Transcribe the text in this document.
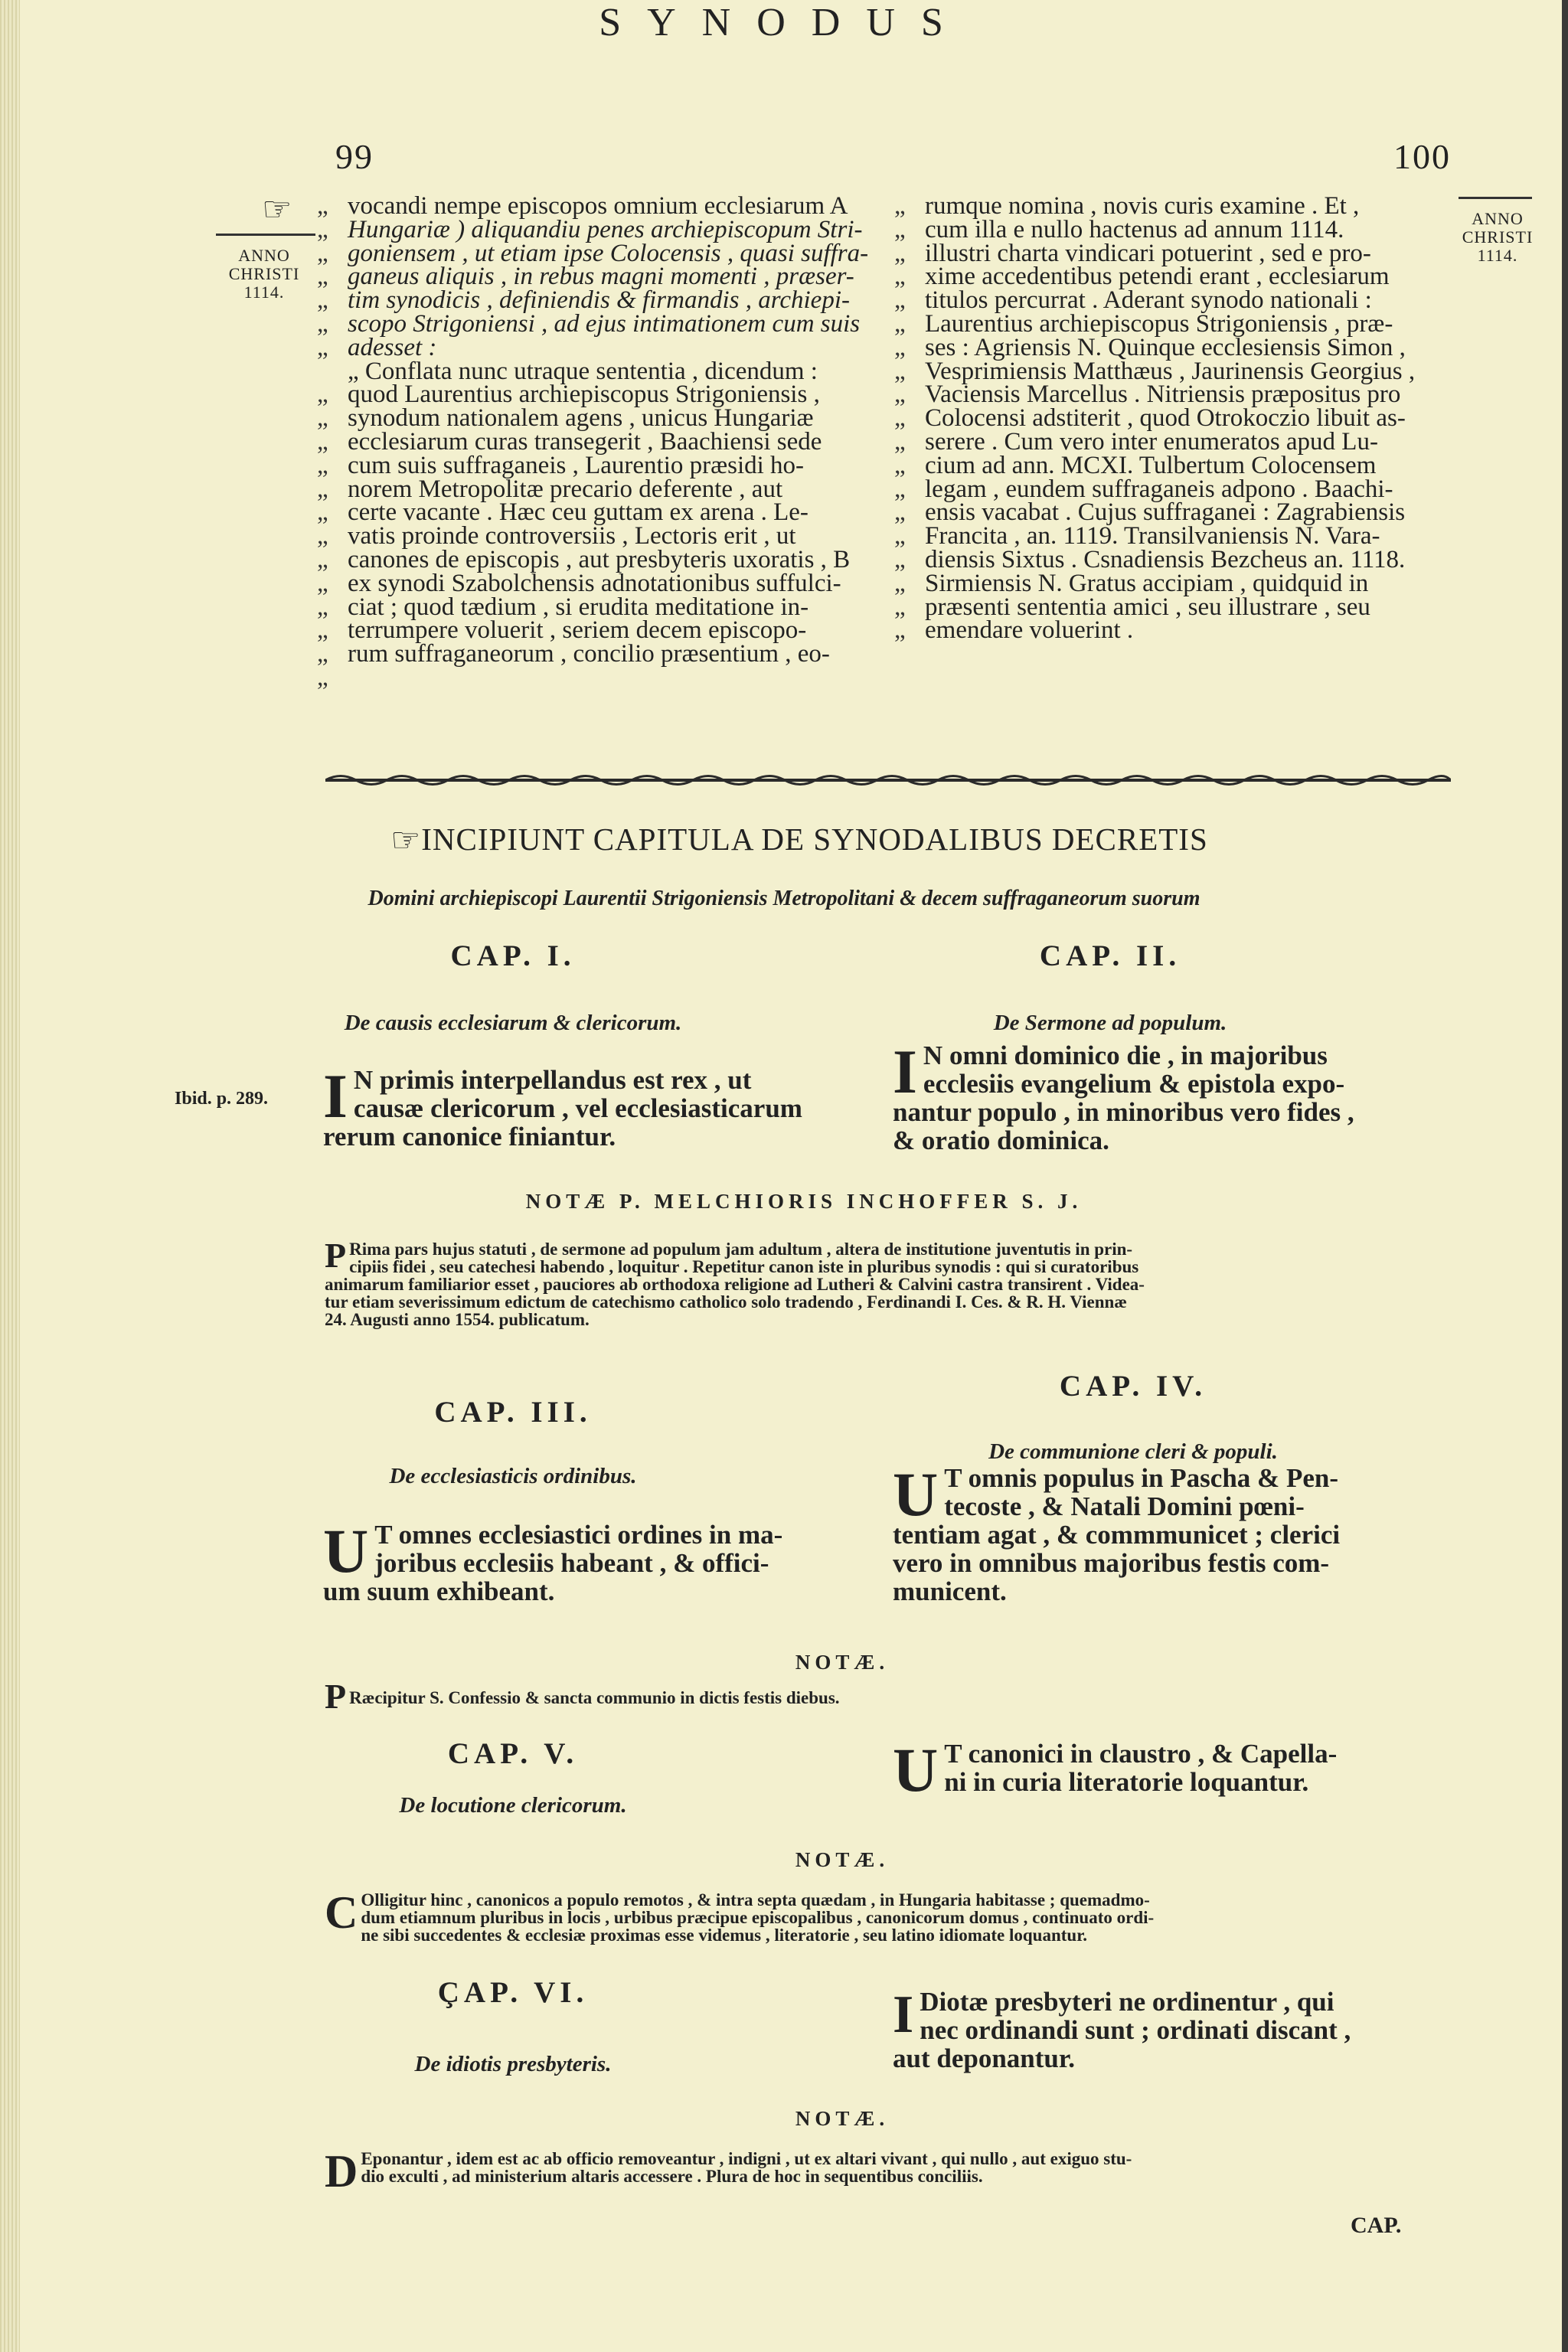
99
SYNODUS
100
☞
ANNO
CHRISTI
1114.
ANNO
CHRISTI
1114.
„
„
„
„
„
„
„

„
„
„
„
„
„
„
„
„
„
„
„
„

vocandi nempe episcopos omnium ecclesiarum A

Hungariæ ) aliquandiu penes archiepiscopum Stri-

goniensem , ut etiam ipse Colocensis , quasi suffra-

ganeus aliquis , in rebus magni momenti , præser-

tim synodicis , definiendis & firmandis , archiepi-

scopo Strigoniensi , ad ejus intimationem cum suis

adesset :

„ Conflata nunc utraque sententia , dicendum :

quod Laurentius archiepiscopus Strigoniensis ,

synodum nationalem agens , unicus Hungariæ

ecclesiarum curas transegerit , Baachiensi sede

cum suis suffraganeis , Laurentio præsidi ho-

norem Metropolitæ precario deferente , aut

certe vacante . Hæc ceu guttam ex arena . Le-

vatis proinde controversiis , Lectoris erit , ut

canones de episcopis , aut presbyteris uxoratis , B

ex synodi Szabolchensis adnotationibus suffulci-

ciat ; quod tædium , si erudita meditatione in-

terrumpere voluerit , seriem decem episcopo-

rum suffraganeorum , concilio præsentium , eo-

„
„
„
„
„
„
„
„
„
„
„
„
„
„
„
„
„
„
„

rumque nomina , novis curis examine . Et ,

cum illa e nullo hactenus ad annum 1114.

illustri charta vindicari potuerint , sed e pro-

xime accedentibus petendi erant , ecclesiarum

titulos percurrat . Aderant synodo nationali :

Laurentius archiepiscopus Strigoniensis , præ-

ses : Agriensis N. Quinque ecclesiensis Simon ,

Vesprimiensis Matthæus , Jaurinensis Georgius ,

Vaciensis Marcellus . Nitriensis præpositus pro

Colocensi adstiterit , quod Otrokoczio libuit as-

serere . Cum vero inter enumeratos apud Lu-

cium ad ann. MCXI. Tulbertum Colocensem

legam , eundem suffraganeis adpono . Baachi-

ensis vacabat . Cujus suffraganei : Zagrabiensis

Francita , an. 1119. Transilvaniensis N. Vara-

diensis Sixtus . Csnadiensis Bezcheus an. 1118.

Sirmiensis N. Gratus accipiam , quidquid in

præsenti sententia amici , seu illustrare , seu

emendare voluerint .

☞ INCIPIUNT CAPITULA DE SYNODALIBUS DECRETIS
Domini archiepiscopi Laurentii Strigoniensis Metropolitani & decem suffraganeorum suorum
CAP. I.
De causis ecclesiarum & clericorum.
Ibid. p. 289. I N primis interpellandus est rex , ut

causæ clericorum , vel ecclesiasticarum

rerum canonice finiantur.

CAP. II.
De Sermone ad populum.
I N omni dominico die , in majoribus

ecclesiis evangelium & epistola expo-

nantur populo , in minoribus vero fides ,

& oratio dominica.

NOTÆ P. MELCHIORIS INCHOFFER S. J.
P Rima pars hujus statuti , de sermone ad populum jam adultum , altera de institutione juventutis in prin-

cipiis fidei , seu catechesi habendo , loquitur . Repetitur canon iste in pluribus synodis : qui si curatoribus

animarum familiarior esset , pauciores ab orthodoxa religione ad Lutheri & Calvini castra transirent . Videa-

tur etiam severissimum edictum de catechismo catholico solo tradendo , Ferdinandi I. Ces. & R. H. Viennæ

24. Augusti anno 1554. publicatum.

CAP. III.
De ecclesiasticis ordinibus.
U T omnes ecclesiastici ordines in ma-

joribus ecclesiis habeant , & offici-

um suum exhibeant.

CAP. IV.
De communione cleri & populi.
U T omnis populus in Pascha & Pen-

tecoste , & Natali Domini pœni-

tentiam agat , & commmunicet ; clerici

vero in omnibus majoribus festis com-

municent.

NOTÆ.
P Ræcipitur S. Confessio & sancta communio in dictis festis diebus.
CAP. V.
De locutione clericorum.
U T canonici in claustro , & Capella-

ni in curia literatorie loquantur.

NOTÆ.
C Olligitur hinc , canonicos a populo remotos , & intra septa quædam , in Hungaria habitasse ; quemadmo-

dum etiamnum pluribus in locis , urbibus præcipue episcopalibus , canonicorum domus , continuato ordi-

ne sibi succedentes & ecclesiæ proximas esse videmus , literatorie , seu latino idiomate loquantur.

ÇAP. VI.
De idiotis presbyteris.
I Diotæ presbyteri ne ordinentur , qui

nec ordinandi sunt ; ordinati discant ,

aut deponantur.

NOTÆ.
D Eponantur , idem est ac ab officio removeantur , indigni , ut ex altari vivant , qui nullo , aut exiguo stu-

dio exculti , ad ministerium altaris accessere . Plura de hoc in sequentibus conciliis.

CAP.
